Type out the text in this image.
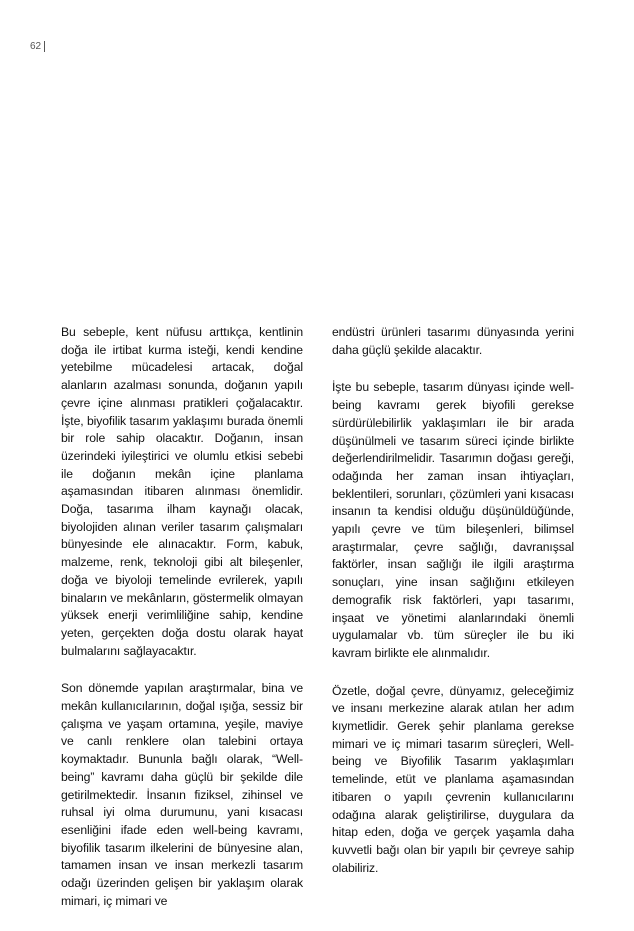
62

Bu sebeple, kent nüfusu arttıkça, kentlinin doğa ile irtibat kurma isteği, kendi kendine yetebilme mücadelesi artacak, doğal alanların azalması sonunda, doğanın yapılı çevre içine alınması pratikleri çoğalacaktır. İşte, biyofilik tasarım yaklaşımı burada önemli bir role sahip olacaktır. Doğanın, insan üzerindeki iyileştirici ve olumlu etkisi sebebi ile doğanın mekân içine planlama aşamasından itibaren alınması önemlidir. Doğa, tasarıma ilham kaynağı olacak, biyolojiden alınan veriler tasarım çalışmaları bünyesinde ele alınacaktır. Form, kabuk, malzeme, renk, teknoloji gibi alt bileşenler, doğa ve biyoloji temelinde evrilerek, yapılı binaların ve mekânların, göstermelik olmayan yüksek enerji verimliliğine sahip, kendine yeten, gerçekten doğa dostu olarak hayat bulmalarını sağlayacaktır.

Son dönemde yapılan araştırmalar, bina ve mekân kullanıcılarının, doğal ışığa, sessiz bir çalışma ve yaşam ortamına, yeşile, maviye ve canlı renklere olan talebini ortaya koymaktadır. Bununla bağlı olarak, “Well-being” kavramı daha güçlü bir şekilde dile getirilmektedir. İnsanın fiziksel, zihinsel ve ruhsal iyi olma durumunu, yani kısacası esenliğini ifade eden well-being kavramı, biyofilik tasarım ilkelerini de bünyesine alan, tamamen insan ve insan merkezli tasarım odağı üzerinden gelişen bir yaklaşım olarak mimari, iç mimari ve

endüstri ürünleri tasarımı dünyasında yerini daha güçlü şekilde alacaktır.

İşte bu sebeple, tasarım dünyası içinde well-being kavramı gerek biyofili gerekse sürdürülebilirlik yaklaşımları ile bir arada düşünülmeli ve tasarım süreci içinde birlikte değerlendirilmelidir. Tasarımın doğası gereği, odağında her zaman insan ihtiyaçları, beklentileri, sorunları, çözümleri yani kısacası insanın ta kendisi olduğu düşünüldüğünde, yapılı çevre ve tüm bileşenleri, bilimsel araştırmalar, çevre sağlığı, davranışsal faktörler, insan sağlığı ile ilgili araştırma sonuçları, yine insan sağlığını etkileyen demografik risk faktörleri, yapı tasarımı, inşaat ve yönetimi alanlarındaki önemli uygulamalar vb. tüm süreçler ile bu iki kavram birlikte ele alınmalıdır.

Özetle, doğal çevre, dünyamız, geleceğimiz ve insanı merkezine alarak atılan her adım kıymetlidir. Gerek şehir planlama gerekse mimari ve iç mimari tasarım süreçleri, Well-being ve Biyofilik Tasarım yaklaşımları temelinde, etüt ve planlama aşamasından itibaren o yapılı çevrenin kullanıcılarını odağına alarak geliştirilirse, duygulara da hitap eden, doğa ve gerçek yaşamla daha kuvvetli bağı olan bir yapılı bir çevreye sahip olabiliriz.
